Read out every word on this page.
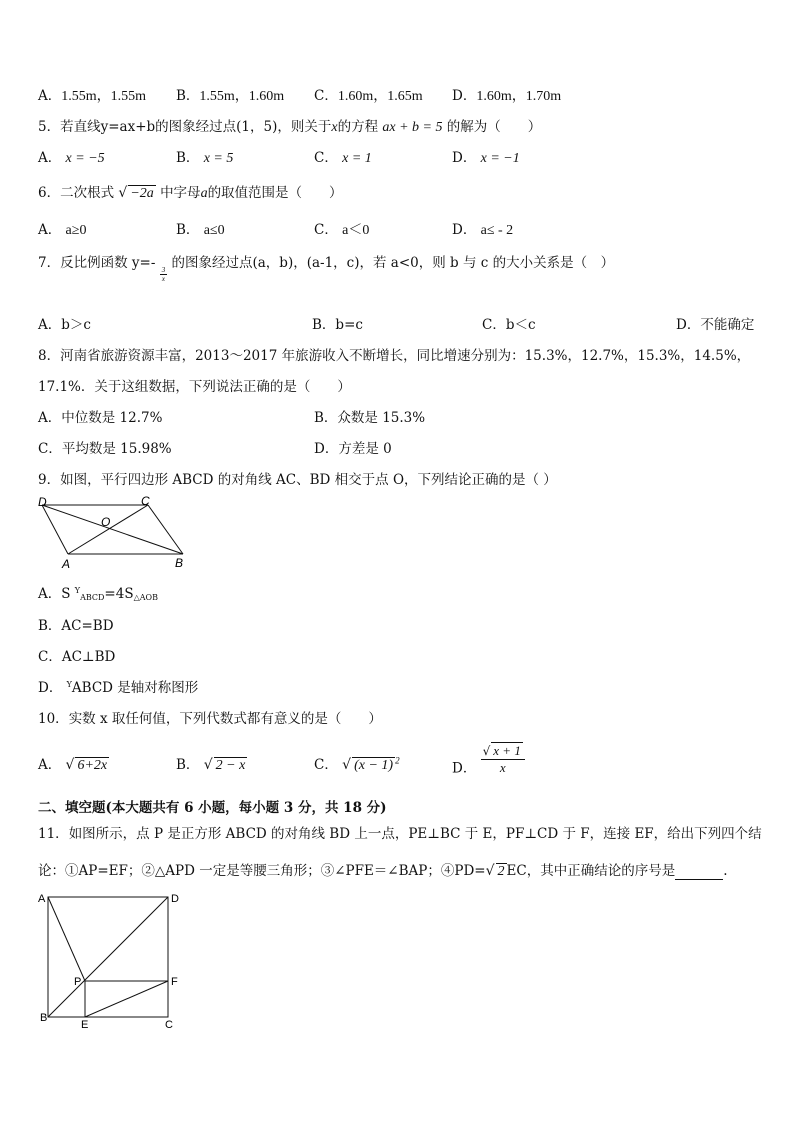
A．1.55m，1.55m B．1.55m，1.60m C．1.60m，1.65m D．1.60m，1.70m
5．若直线y=ax+b的图象经过点(1，5)，则关于x的方程 ax + b = 5 的解为（　　）
A． x = −5	B． x = 5	C． x = 1	D． x = −1
6．二次根式 √ −2a 中字母a的取值范围是（　　）
A． a≥0	B． a≤0	C． a＜0	D． a≤ - 2
7．反比例函数 y=-
$\frac{3}{x}$
的图象经过点(a，b)，(a-1，c)，若 a<0，则 b 与 c 的大小关系是（　）
A．b＞c	B．b=c	C．b＜c	D．不能确定
8．河南省旅游资源丰富，2013～2017 年旅游收入不断增长，同比增速分别为：15.3%，12.7%，15.3%，14.5%，
17.1%．关于这组数据，下列说法正确的是（　　）
A．中位数是 12.7%	B．众数是 15.3%
C．平均数是 15.98%	D．方差是 0
9．如图，平行四边形 ABCD 的对角线 AC、BD 相交于点 O，下列结论正确的是（ ）
D	C
O
A	B
A．S $^Y$ABCD=4S△AOB
B．AC=BD
C．AC⊥BD
D． $^Y$ABCD 是轴对称图形
10．实数 x 取任何值，下列代数式都有意义的是（　　）
A． √ 6+2x	B． √ 2 − x	C． √ (x − 1) $^2$	D． $\frac{√ x + 1}{x}$
二、填空题(本大题共有 6 小题，每小题 3 分，共 18 分)
11．如图所示，点 P 是正方形 ABCD 的对角线 BD 上一点，PE⊥BC 于 E，PF⊥CD 于 F，连接 EF，给出下列四个结
论：①AP=EF；②△APD 一定是等腰三角形；③∠PFE＝∠BAP；④PD=√ 2 EC，其中正确结论的序号是	.
A	D
P	F
B
E	C
